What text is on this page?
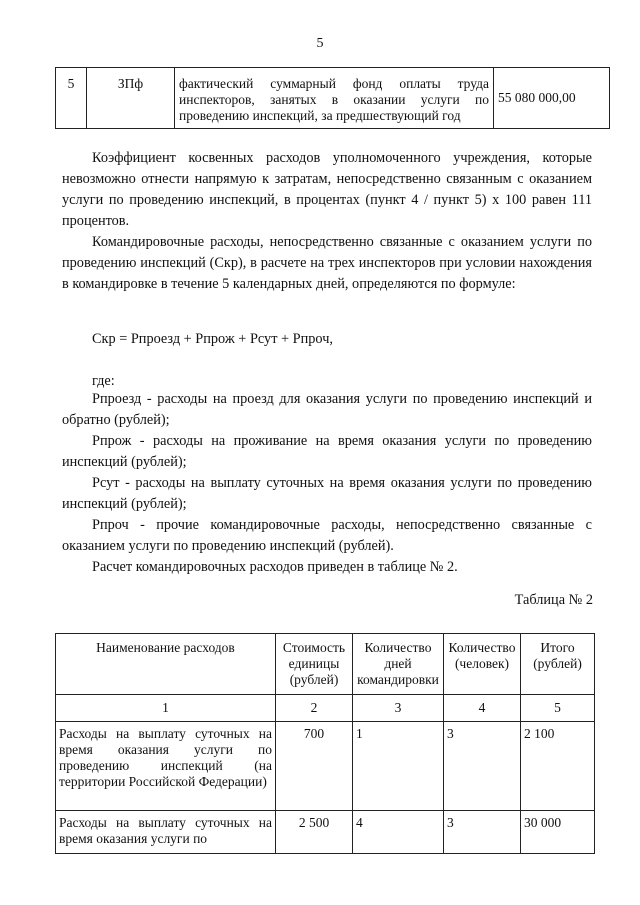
5
5	ЗПф	фактический суммарный фонд оплаты труда инспекторов, занятых в оказании услуги по проведению инспекций, за предшествующий год	55 080 000,00

Коэффициент косвенных расходов уполномоченного учреждения, которые невозможно отнести напрямую к затратам, непосредственно связанным с оказанием услуги по проведению инспекций, в процентах (пункт 4 / пункт 5) х 100 равен 111 процентов.

Командировочные расходы, непосредственно связанные с оказанием услуги по проведению инспекций (Скр), в расчете на трех инспекторов при условии нахождения в командировке в течение 5 календарных дней, определяются по формуле:

Скр = Рпроезд + Рпрож + Рсут + Рпроч,
где:

Рпроезд - расходы на проезд для оказания услуги по проведению инспекций и обратно (рублей);

Рпрож - расходы на проживание на время оказания услуги по проведению инспекций (рублей);

Рсут - расходы на выплату суточных на время оказания услуги по проведению инспекций (рублей);

Рпроч - прочие командировочные расходы, непосредственно связанные с оказанием услуги по проведению инспекций (рублей).

Расчет командировочных расходов приведен в таблице № 2.

Таблица № 2
Наименование расходов	Стоимость единицы (рублей)	Количество дней командировки	Количество (человек)	Итого (рублей)
1	2	3	4	5
Расходы на выплату суточных на время оказания услуги по проведению инспекций (на территории Российской Федерации)	700	1	3	2 100
Расходы на выплату суточных на время оказания услуги по	2 500	4	3	30 000
